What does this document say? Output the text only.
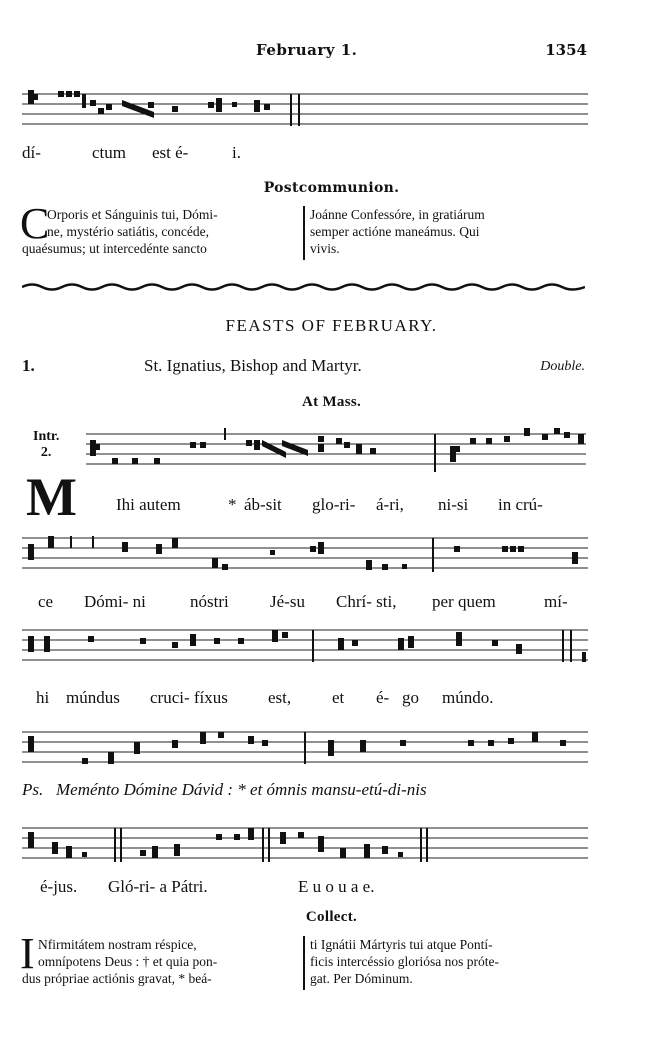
February 1.	1354
dí-	ctum est é-	i.
Postcommunion.
C
Orporis et Sánguinis tui, Dómi-
ne, mystério satiátis, concéde,
quaésumus; ut intercedénte sancto
Joánne Confessóre, in gratiárum
semper actióne maneámus. Qui
vivis.
FEASTS OF FEBRUARY.
1.	St. Ignatius, Bishop and Martyr.	Double.
At Mass.
Intr.
2.
M Ihi autem	* áb-sit glo-ri- á-ri, ni-si in crú-
ce Dómi- ni	nóstri Jé-su Chrí- sti, per quem	mí-
hi múndus cruci- fíxus est, et é- go múndo.
Ps. Meménto Dómine Dávid : * et ómnis mansu-etú-di-nis
é-jus. Gló-ri- a Pátri.	E u o u a e.
Collect.
I Nfirmitátem nostram réspice,
omnípotens Deus : † et quia pon-
dus própriae actiónis gravat, * beá-
ti Ignátii Mártyris tui atque Pontí-
ficis intercéssio gloriósa nos próte-
gat. Per Dóminum.
